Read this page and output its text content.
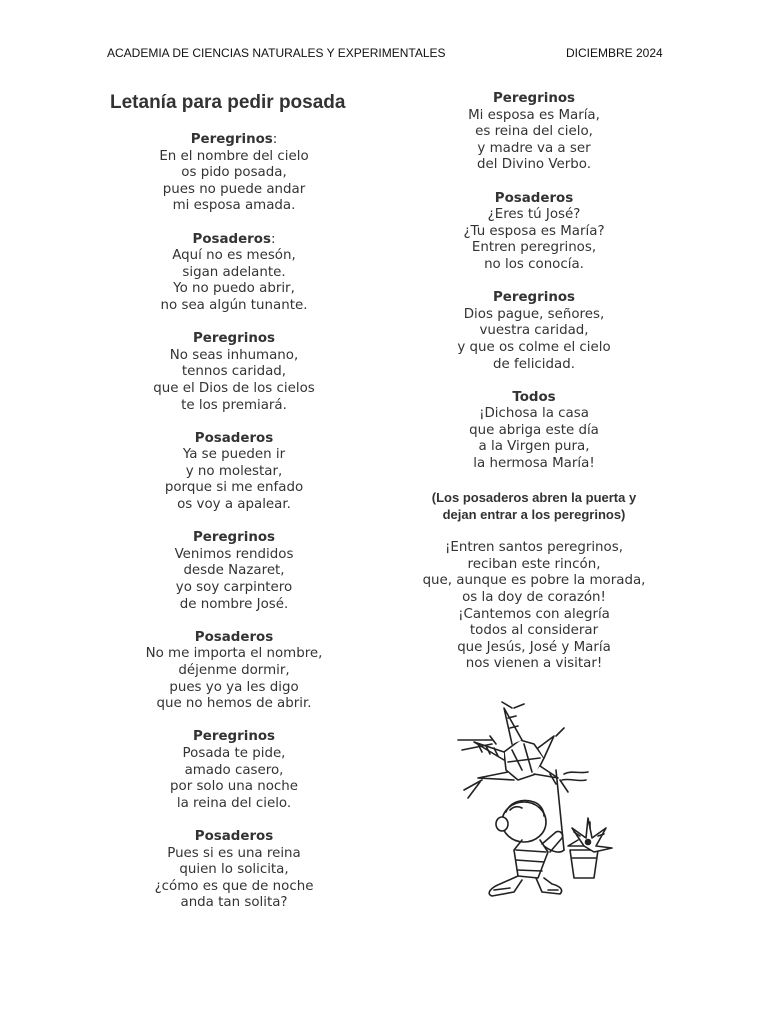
ACADEMIA DE CIENCIAS NATURALES Y EXPERIMENTALES	DICIEMBRE 2024
Letanía para pedir posada
Peregrinos:
En el nombre del cielo
os pido posada,
pues no puede andar
mi esposa amada.
Posaderos:
Aquí no es mesón,
sigan adelante.
Yo no puedo abrir,
no sea algún tunante.
Peregrinos
No seas inhumano,
tennos caridad,
que el Dios de los cielos
te los premiará.
Posaderos
Ya se pueden ir
y no molestar,
porque si me enfado
os voy a apalear.
Peregrinos
Venimos rendidos
desde Nazaret,
yo soy carpintero
de nombre José.
Posaderos
No me importa el nombre,
déjenme dormir,
pues yo ya les digo
que no hemos de abrir.
Peregrinos
Posada te pide,
amado casero,
por solo una noche
la reina del cielo.
Posaderos
Pues si es una reina
quien lo solicita,
¿cómo es que de noche
anda tan solita?
Peregrinos
Mi esposa es María,
es reina del cielo,
y madre va a ser
del Divino Verbo.
Posaderos
¿Eres tú José?
¿Tu esposa es María?
Entren peregrinos,
no los conocía.
Peregrinos
Dios pague, señores,
vuestra caridad,
y que os colme el cielo
de felicidad.
Todos
¡Dichosa la casa
que abriga este día
a la Virgen pura,
la hermosa María!
(Los posaderos abren la puerta y
dejan entrar a los peregrinos)
¡Entren santos peregrinos,
reciban este rincón,
que, aunque es pobre la morada,
os la doy de corazón!
¡Cantemos con alegría
todos al considerar
que Jesús, José y María
nos vienen a visitar!
